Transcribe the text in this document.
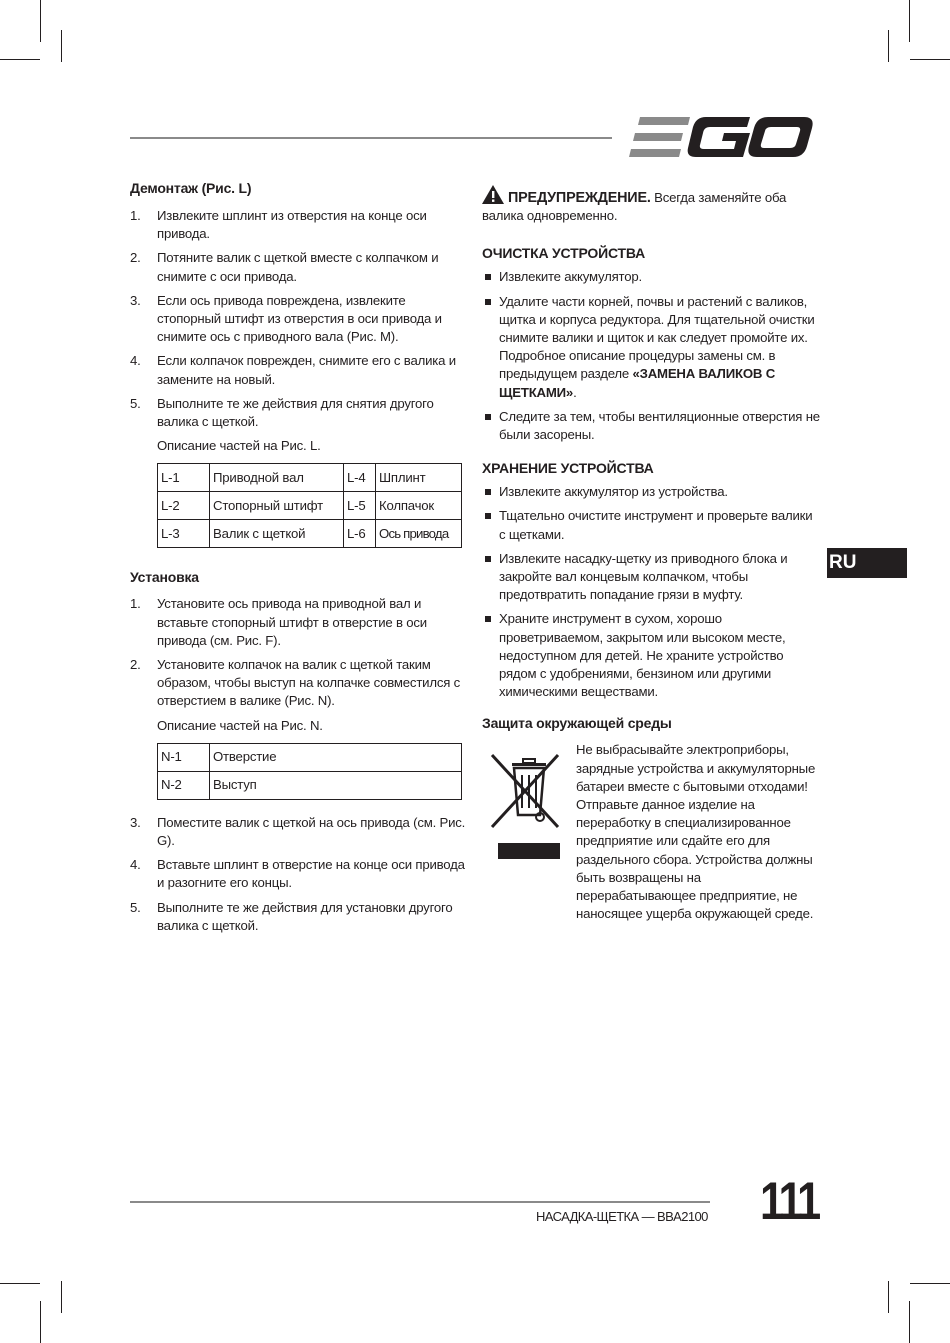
Демонтаж (Рис. L)
1. Извлеките шплинт из отверстия на конце оси привода.
2. Потяните валик с щеткой вместе с колпачком и снимите с оси привода.
3. Если ось привода повреждена, извлеките стопорный штифт из отверстия в оси привода и снимите ось с приводного вала (Рис. M).
4. Если колпачок поврежден, снимите его с валика и замените на новый.
5. Выполните те же действия для снятия другого валика с щеткой.

Описание частей на Рис. L.

L-1	Приводной вал	L-4	Шплинт
L-2	Стопорный штифт	L-5	Колпачок
L-3	Валик с щеткой	L-6	Ось привода
Установка
1. Установите ось привода на приводной вал и вставьте стопорный штифт в отверстие в оси привода (см. Рис. F).
2. Установите колпачок на валик с щеткой таким образом, чтобы выступ на колпачке совместился с отверстием в валике (Рис. N).

Описание частей на Рис. N.

N-1	Отверстие
N-2	Выступ
3. Поместите валик с щеткой на ось привода (см. Рис. G).
4. Вставьте шплинт в отверстие на конце оси привода и разогните его концы.
5. Выполните те же действия для установки другого валика с щеткой.
ПРЕДУПРЕЖДЕНИЕ. Всегда заменяйте оба валика одновременно.
ОЧИСТКА УСТРОЙСТВА
Извлеките аккумулятор.
Удалите части корней, почвы и растений с валиков, щитка и корпуса редуктора. Для тщательной очистки снимите валики и щиток и как следует промойте их. Подробное описание процедуры замены см. в предыдущем разделе «ЗАМЕНА ВАЛИКОВ С ЩЕТКАМИ».
Следите за тем, чтобы вентиляционные отверстия не были засорены.
ХРАНЕНИЕ УСТРОЙСТВА
Извлеките аккумулятор из устройства.
Тщательно очистите инструмент и проверьте валики с щетками.
Извлеките насадку-щетку из приводного блока и закройте вал концевым колпачком, чтобы предотвратить попадание грязи в муфту.
Храните инструмент в сухом, хорошо проветриваемом, закрытом или высоком месте, недоступном для детей. Не храните устройство рядом с удобрениями, бензином или другими химическими веществами.
Защита окружающей среды
Не выбрасывайте электроприборы, зарядные устройства и аккумуляторные батареи вместе с бытовыми отходами! Отправьте данное изделие на переработку в специализированное предприятие или сдайте его для раздельного сбора. Устройства должны быть возвращены на перерабатывающее предприятие, не наносящее ущерба окружающей среде.
RU
НАСАДКА-ЩЕТКА — BBA2100 111
